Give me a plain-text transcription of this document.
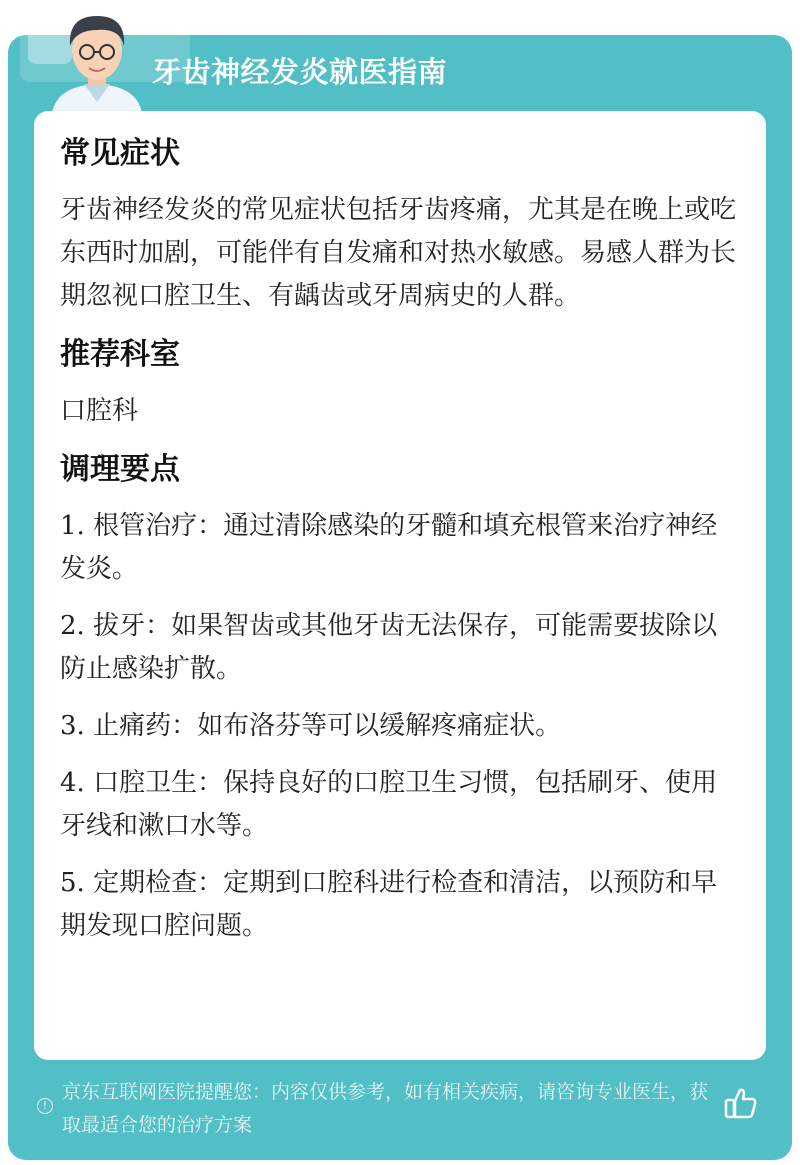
牙齿神经发炎就医指南
常见症状
牙齿神经发炎的常见症状包括牙齿疼痛，尤其是在晚上或吃东西时加剧，可能伴有自发痛和对热水敏感。易感人群为长期忽视口腔卫生、有龋齿或牙周病史的人群。
推荐科室
口腔科
调理要点
1. 根管治疗：通过清除感染的牙髓和填充根管来治疗神经发炎。
2. 拔牙：如果智齿或其他牙齿无法保存，可能需要拔除以防止感染扩散。
3. 止痛药：如布洛芬等可以缓解疼痛症状。
4. 口腔卫生：保持良好的口腔卫生习惯，包括刷牙、使用牙线和漱口水等。
5. 定期检查：定期到口腔科进行检查和清洁，以预防和早期发现口腔问题。
!
京东互联网医院提醒您：内容仅供参考，如有相关疾病，请咨询专业医生，获取最适合您的治疗方案
